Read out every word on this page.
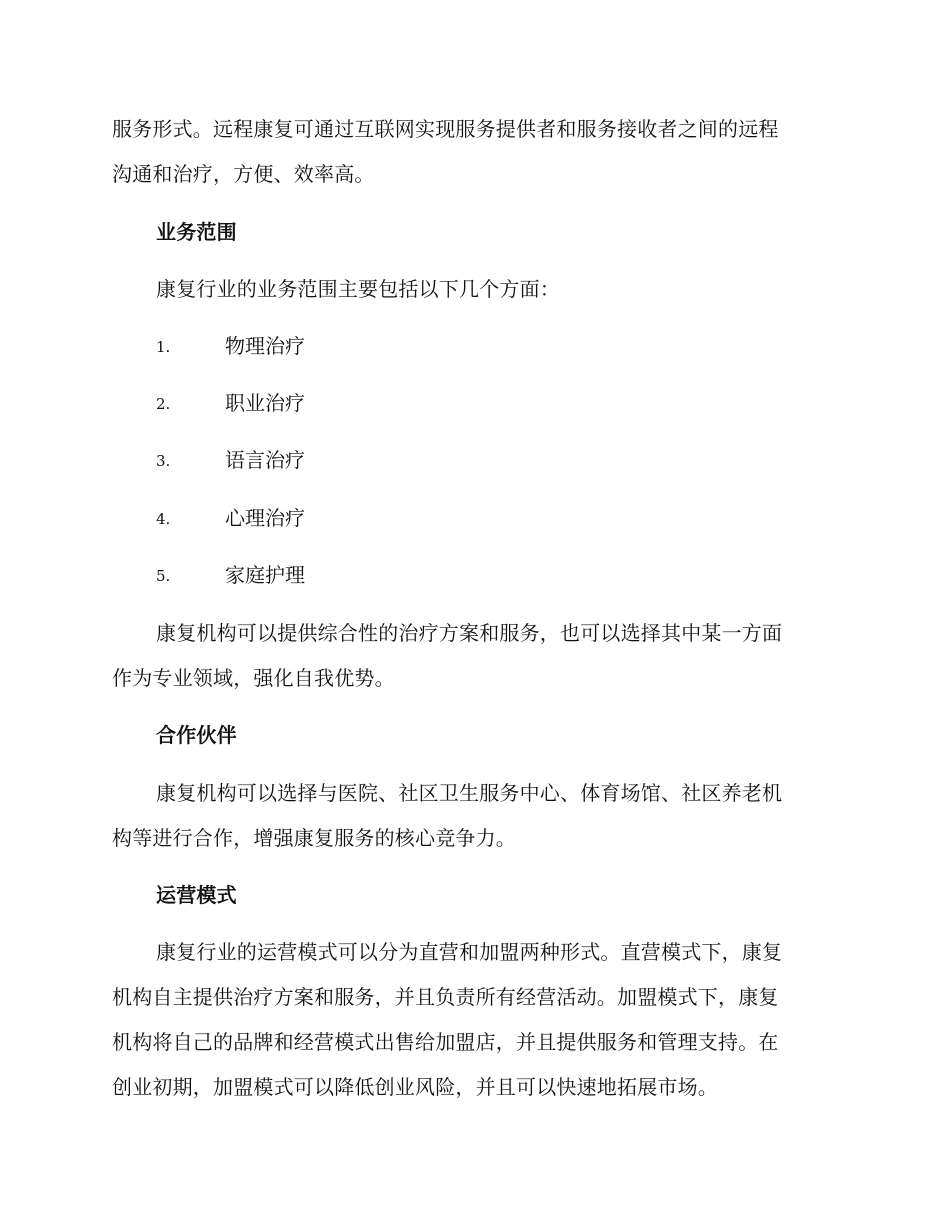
服务形式。远程康复可通过互联网实现服务提供者和服务接收者之间的远程
沟通和治疗，方便、效率高。
业务范围
康复行业的业务范围主要包括以下几个方面：
1.	物理治疗
2.	职业治疗
3.	语言治疗
4.	心理治疗
5.	家庭护理
康复机构可以提供综合性的治疗方案和服务，也可以选择其中某一方面
作为专业领域，强化自我优势。
合作伙伴
康复机构可以选择与医院、社区卫生服务中心、体育场馆、社区养老机
构等进行合作，增强康复服务的核心竞争力。
运营模式
康复行业的运营模式可以分为直营和加盟两种形式。直营模式下，康复
机构自主提供治疗方案和服务，并且负责所有经营活动。加盟模式下，康复
机构将自己的品牌和经营模式出售给加盟店，并且提供服务和管理支持。在
创业初期，加盟模式可以降低创业风险，并且可以快速地拓展市场。
